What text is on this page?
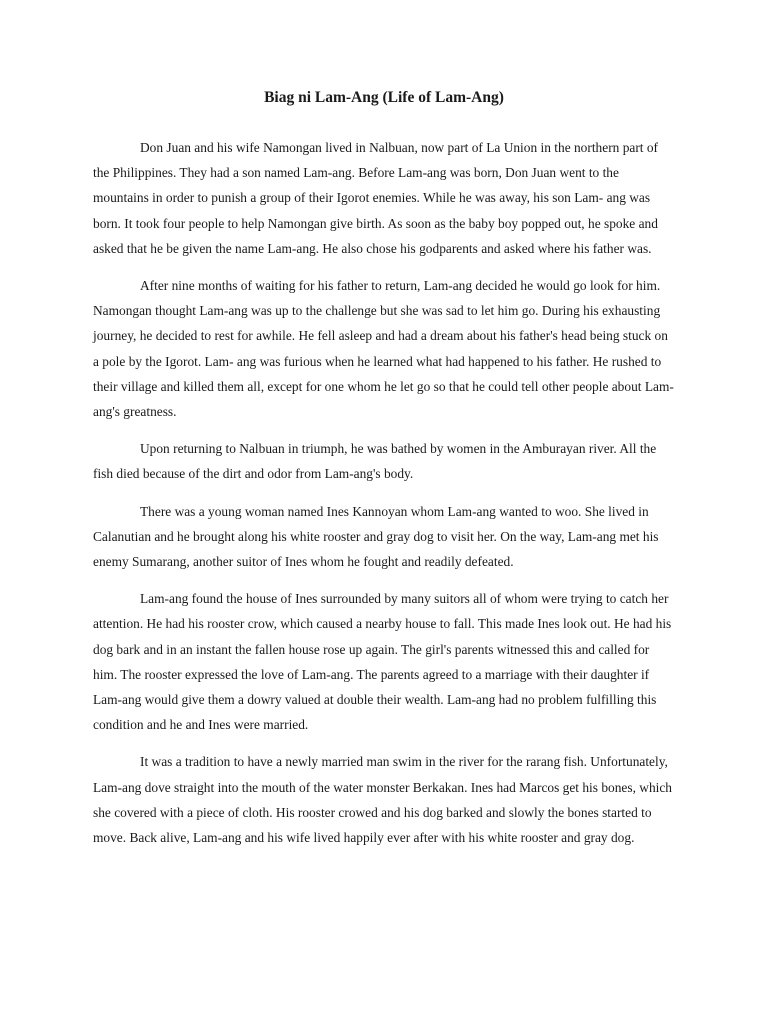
Biag ni Lam-Ang (Life of Lam-Ang)

Don Juan and his wife Namongan lived in Nalbuan, now part of La Union in the northern part of the Philippines. They had a son named Lam-ang. Before Lam-ang was born, Don Juan went to the mountains in order to punish a group of their Igorot enemies. While he was away, his son Lam- ang was born. It took four people to help Namongan give birth. As soon as the baby boy popped out, he spoke and asked that he be given the name Lam-ang. He also chose his godparents and asked where his father was.

After nine months of waiting for his father to return, Lam-ang decided he would go look for him. Namongan thought Lam-ang was up to the challenge but she was sad to let him go. During his exhausting journey, he decided to rest for awhile. He fell asleep and had a dream about his father's head being stuck on a pole by the Igorot. Lam- ang was furious when he learned what had happened to his father. He rushed to their village and killed them all, except for one whom he let go so that he could tell other people about Lam-ang's greatness.

Upon returning to Nalbuan in triumph, he was bathed by women in the Amburayan river. All the fish died because of the dirt and odor from Lam-ang's body.

There was a young woman named Ines Kannoyan whom Lam-ang wanted to woo. She lived in Calanutian and he brought along his white rooster and gray dog to visit her. On the way, Lam-ang met his enemy Sumarang, another suitor of Ines whom he fought and readily defeated.

Lam-ang found the house of Ines surrounded by many suitors all of whom were trying to catch her attention. He had his rooster crow, which caused a nearby house to fall. This made Ines look out. He had his dog bark and in an instant the fallen house rose up again. The girl's parents witnessed this and called for him. The rooster expressed the love of Lam-ang. The parents agreed to a marriage with their daughter if Lam-ang would give them a dowry valued at double their wealth. Lam-ang had no problem fulfilling this condition and he and Ines were married.

It was a tradition to have a newly married man swim in the river for the rarang fish. Unfortunately, Lam-ang dove straight into the mouth of the water monster Berkakan. Ines had Marcos get his bones, which she covered with a piece of cloth. His rooster crowed and his dog barked and slowly the bones started to move. Back alive, Lam-ang and his wife lived happily ever after with his white rooster and gray dog.
